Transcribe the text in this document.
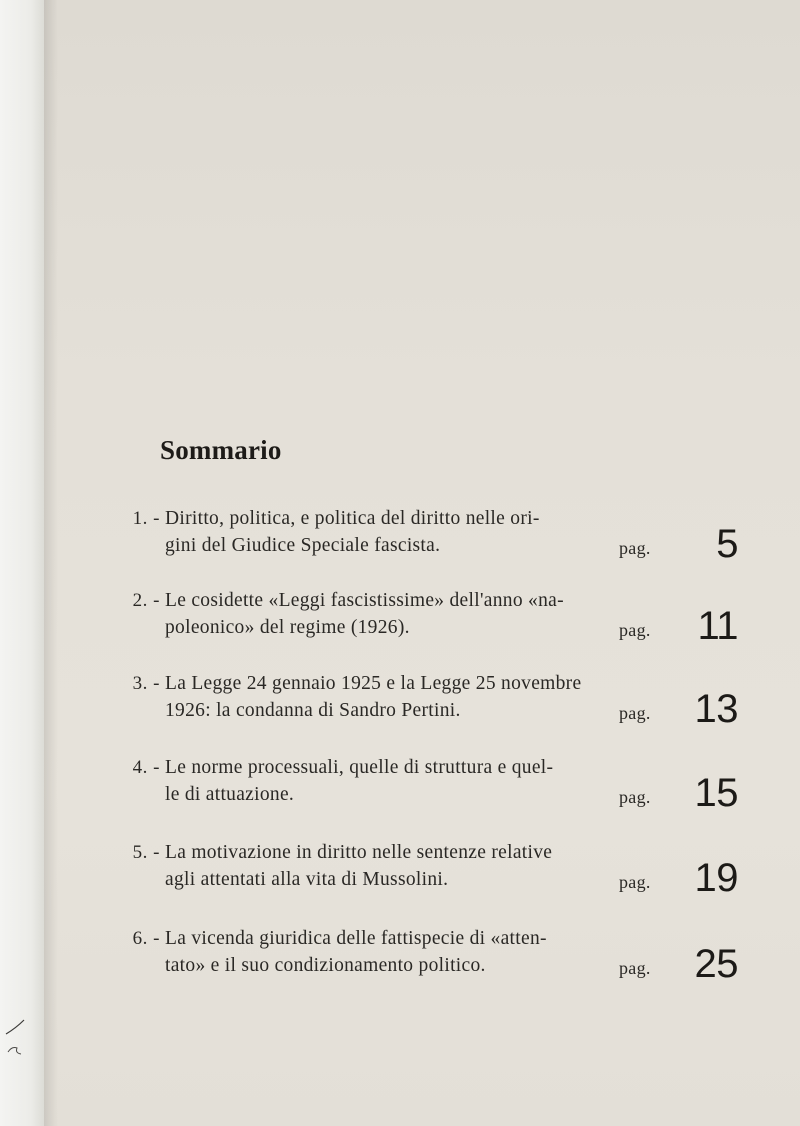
Sommario
1. - Diritto, politica, e politica del diritto nelle ori-
gini del Giudice Speciale fascista.	pag. 5
2. - Le cosidette «Leggi fascistissime» dell'anno «na-
poleonico» del regime (1926).	pag. 11
3. - La Legge 24 gennaio 1925 e la Legge 25 novembre
1926: la condanna di Sandro Pertini.	pag. 13
4. - Le norme processuali, quelle di struttura e quel-
le di attuazione.	pag. 15
5. - La motivazione in diritto nelle sentenze relative
agli attentati alla vita di Mussolini.	pag. 19
6. - La vicenda giuridica delle fattispecie di «atten-
tato» e il suo condizionamento politico.	pag. 25
